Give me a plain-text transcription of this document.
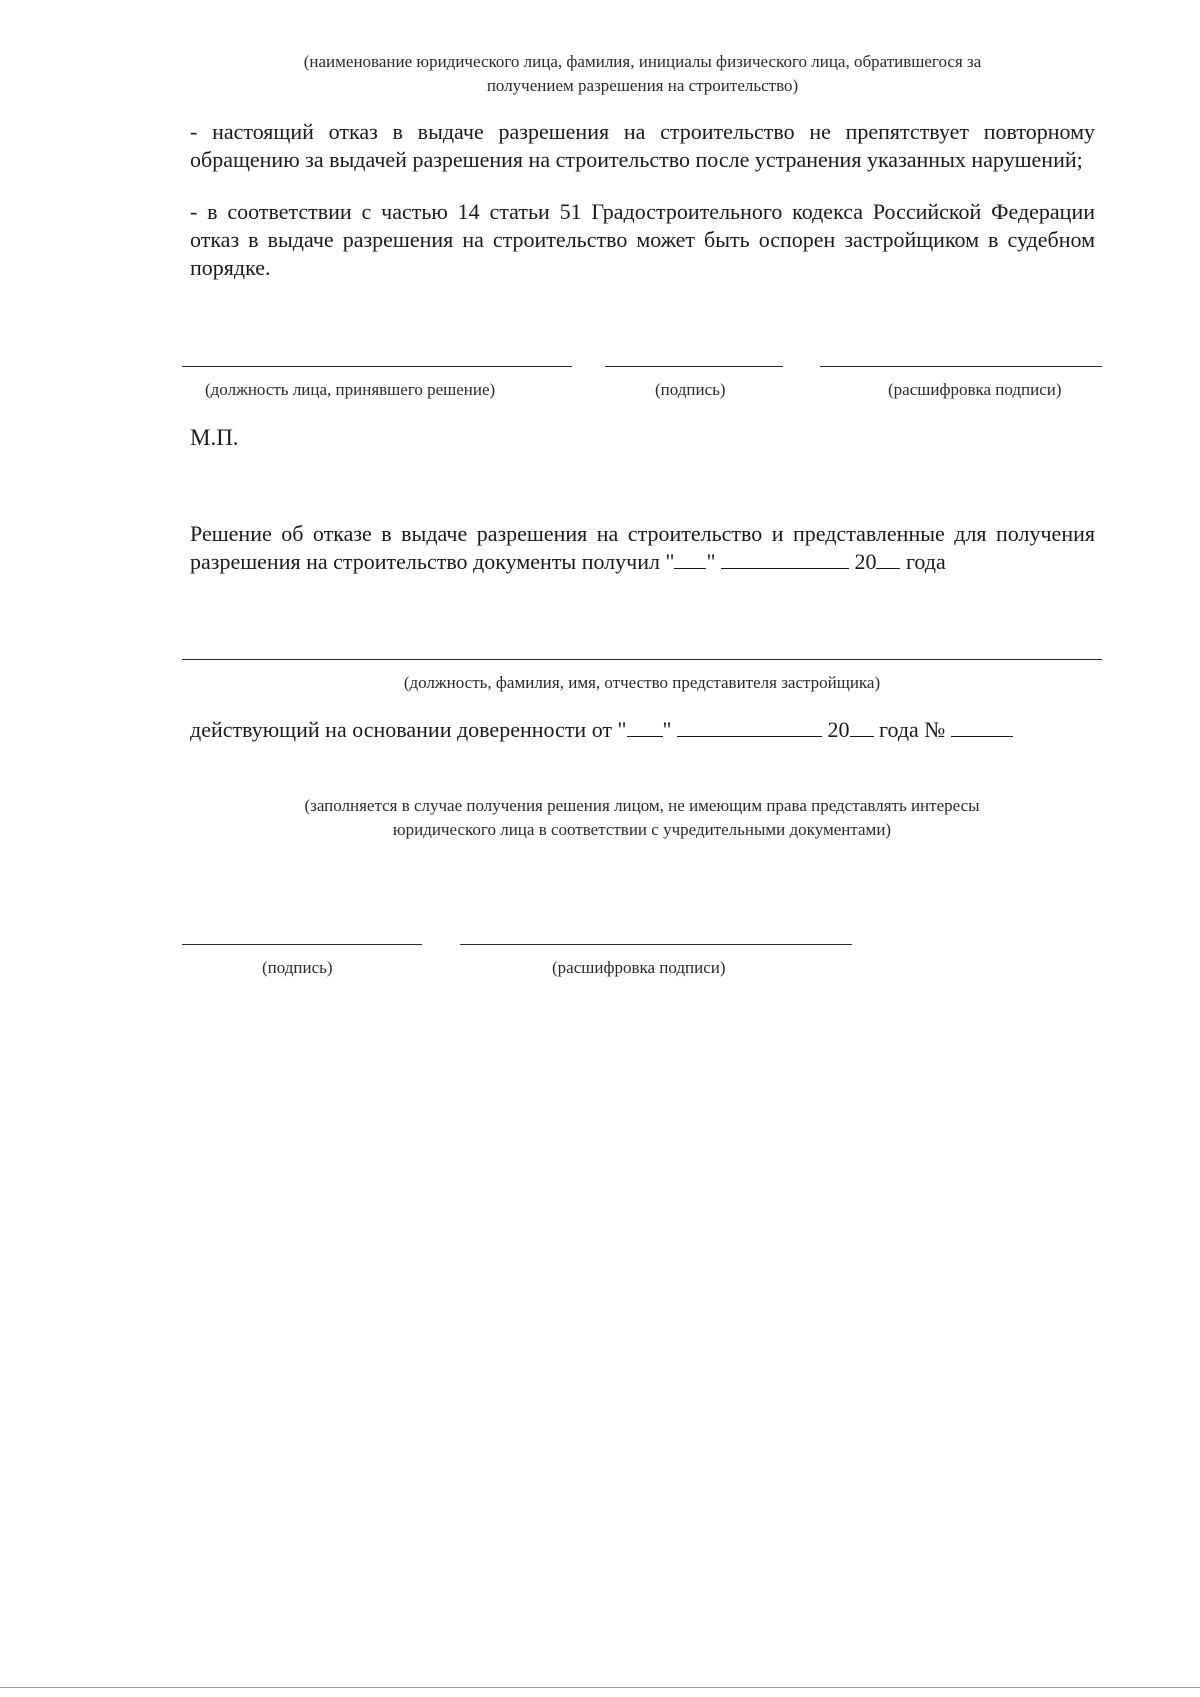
(наименование юридического лица, фамилия, инициалы физического лица, обратившегося за
получением разрешения на строительство)
- настоящий отказ в выдаче разрешения на строительство не препятствует повторному обращению за выдачей разрешения на строительство после устранения указанных нарушений;
- в соответствии с частью 14 статьи 51 Градостроительного кодекса Российской Федерации отказ в выдаче разрешения на строительство может быть оспорен застройщиком в судебном порядке.
(должность лица, принявшего решение)	(подпись)	(расшифровка подписи)
М.П.
Решение об отказе в выдаче разрешения на строительство и представленные для получения разрешения на строительство документы получил " "	20 года
(должность, фамилия, имя, отчество представителя застройщика)
действующий на основании доверенности от " "	20 года №
(заполняется в случае получения решения лицом, не имеющим права представлять интересы
юридического лица в соответствии с учредительными документами)
(подпись)	(расшифровка подписи)
